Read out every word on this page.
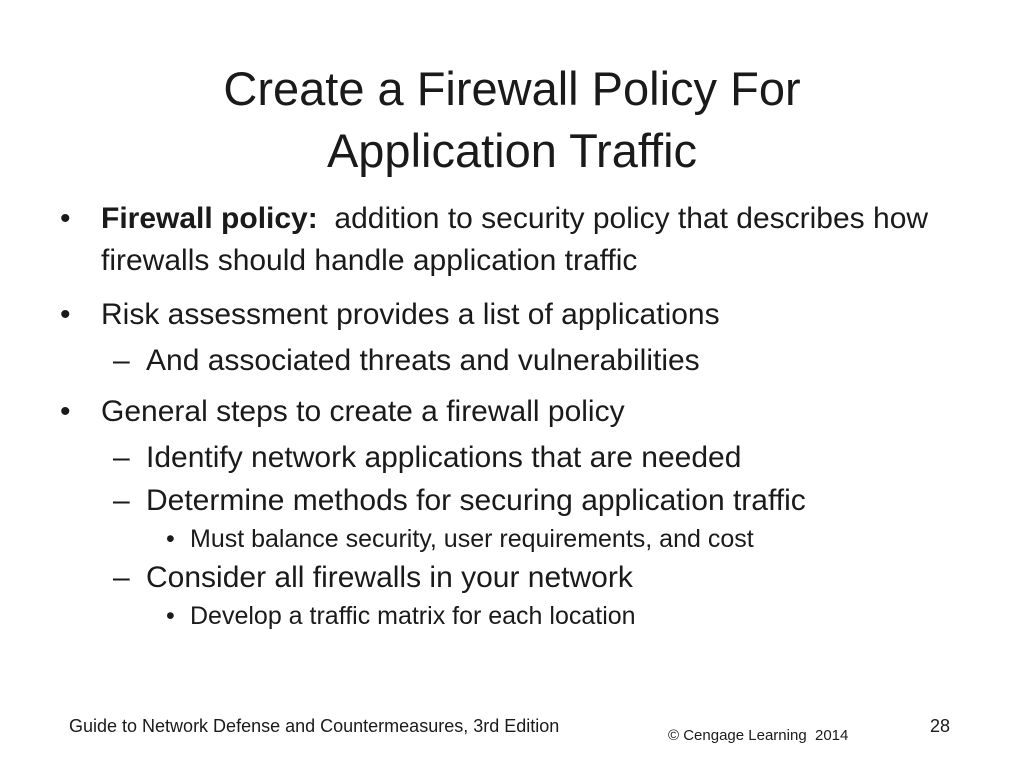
Create a Firewall Policy For
Application Traffic
• Firewall policy:  addition to security policy that describes how firewalls should handle application traffic
• Risk assessment provides a list of applications
– And associated threats and vulnerabilities
• General steps to create a firewall policy
– Identify network applications that are needed
– Determine methods for securing application traffic
• Must balance security, user requirements, and cost
– Consider all firewalls in your network
• Develop a traffic matrix for each location
Guide to Network Defense and Countermeasures, 3rd Edition	© Cengage Learning  2014	28
